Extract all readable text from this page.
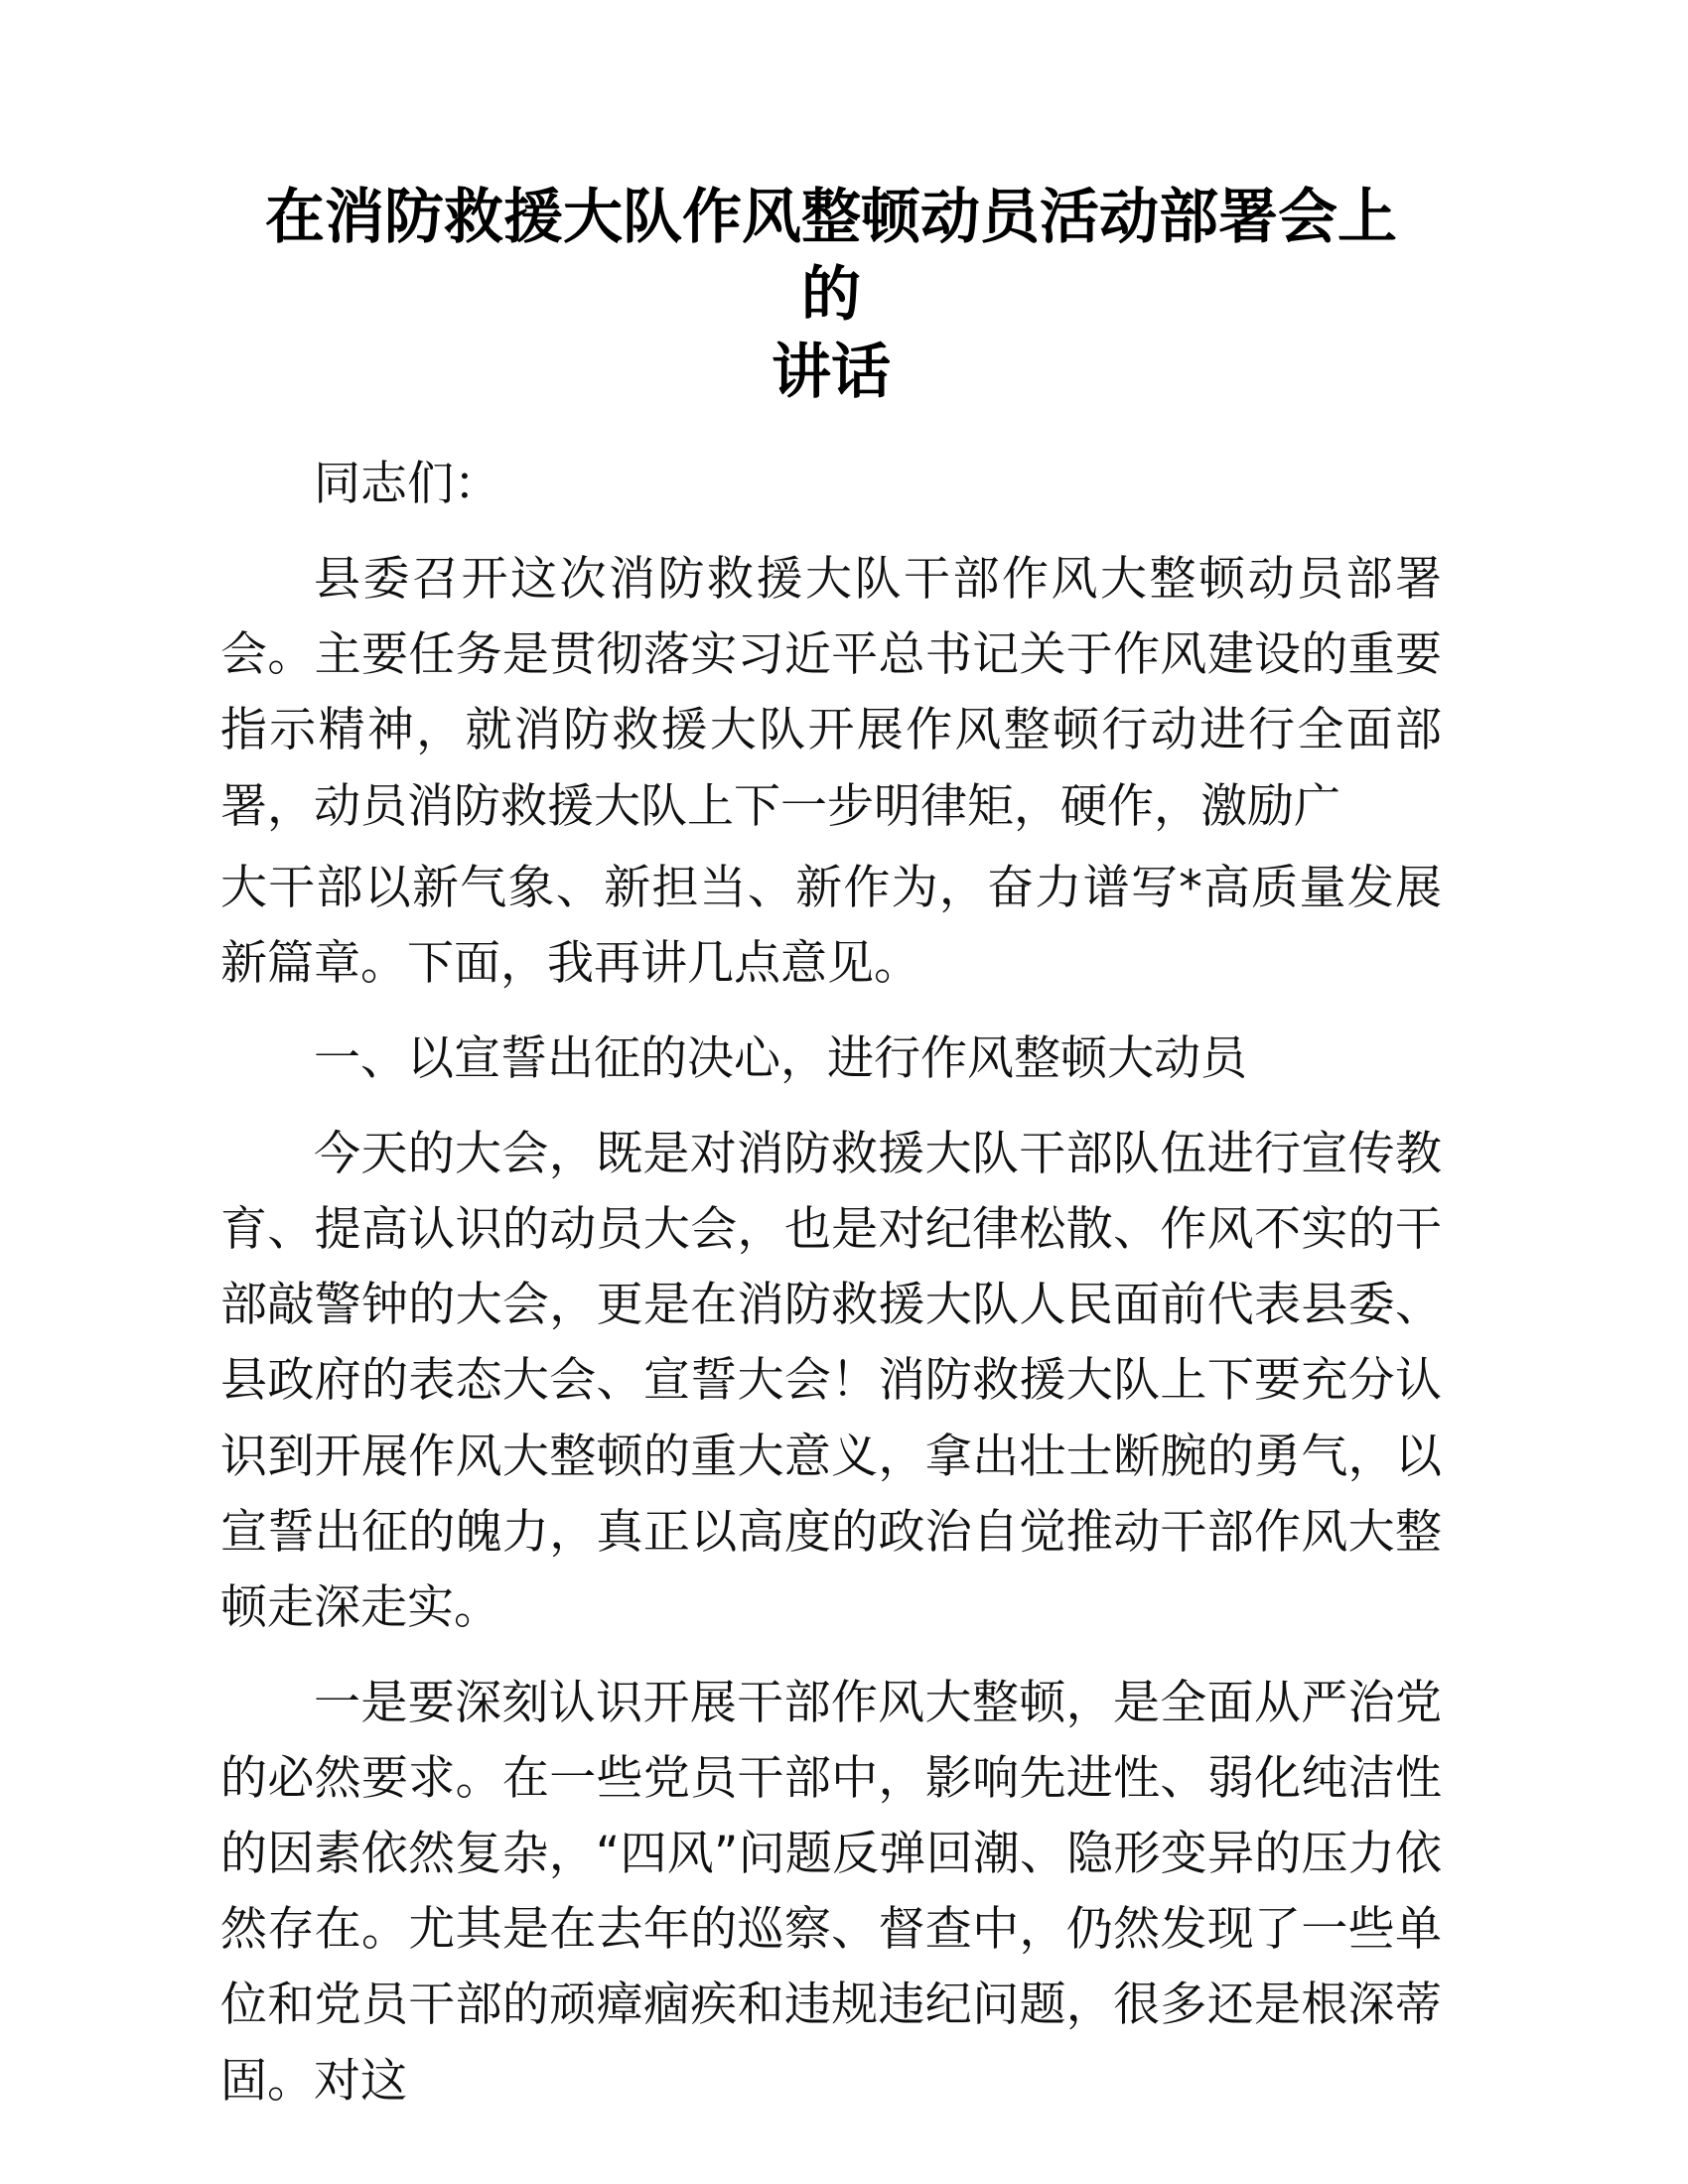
在消防救援大队作风整顿动员活动部署会上的
讲话

同志们：

县委召开这次消防救援大队干部作风大整顿动员部署会。主要任务是贯彻落实习近平总书记关于作风建设的重要指示精神，就消防救援大队开展作风整顿行动进行全面部署，动员消防救援大队上下一步明律矩，硬作，激励广

大干部以新气象、新担当、新作为，奋力谱写*高质量发展新篇章。下面，我再讲几点意见。

一、以宣誓出征的决心，进行作风整顿大动员

今天的大会，既是对消防救援大队干部队伍进行宣传教育、提高认识的动员大会，也是对纪律松散、作风不实的干部敲警钟的大会，更是在消防救援大队人民面前代表县委、县政府的表态大会、宣誓大会！消防救援大队上下要充分认识到开展作风大整顿的重大意义，拿出壮士断腕的勇气，以宣誓出征的魄力，真正以高度的政治自觉推动干部作风大整顿走深走实。

一是要深刻认识开展干部作风大整顿，是全面从严治党的必然要求。在一些党员干部中，影响先进性、弱化纯洁性的因素依然复杂，“四风”问题反弹回潮、隐形变异的压力依然存在。尤其是在去年的巡察、督查中，仍然发现了一些单位和党员干部的顽瘴痼疾和违规违纪问题，很多还是根深蒂固。对这
